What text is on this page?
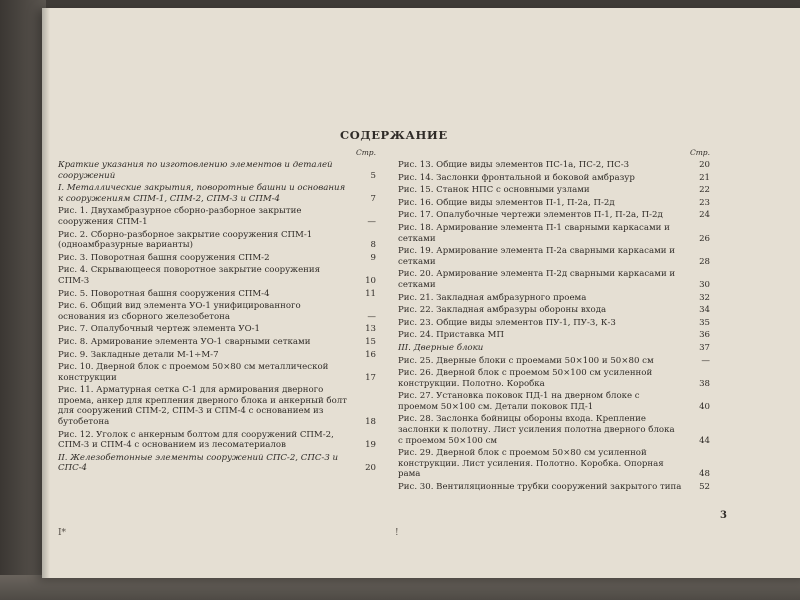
СОДЕРЖАНИЕ
Стр.
Краткие указания по изготовлению элементов и деталей сооружений	5
I. Металлические закрытия, поворотные башни и основания к сооружениям СПМ-1, СПМ-2, СПМ-3 и СПМ-4	7
Рис. 1. Двухамбразурное сборно-разборное закрытие сооружения СПМ-1	—
Рис. 2. Сборно-разборное закрытие сооружения СПМ-1 (однoамбразурные варианты)	8
Рис. 3. Поворотная башня сооружения СПМ-2	9
Рис. 4. Скрывающееся поворотное закрытие сооружения СПМ-3	10
Рис. 5. Поворотная башня сооружения СПМ-4	11
Рис. 6. Общий вид элемента УО-1 унифицированного основания из сборного железобетона	—
Рис. 7. Опалубочный чертеж элемента УО-1	13
Рис. 8. Армирование элемента УО-1 сварными сетками	15
Рис. 9. Закладные детали М-1÷М-7	16
Рис. 10. Дверной блок с проемом 50×80 см металлической конструкции	17
Рис. 11. Арматурная сетка С-1 для армирования дверного проема, анкер для крепления дверного блока и анкерный болт для сооружений СПМ-2, СПМ-3 и СПМ-4 с основанием из бутобетона	18
Рис. 12. Уголок с анкерным болтом для сооружений СПМ-2, СПМ-3 и СПМ-4 с основанием из лесоматериалов	19
II. Железобетонные элементы сооружений СПС-2, СПС-3 и СПС-4	20
Стр.
Рис. 13. Общие виды элементов ПС-1а, ПС-2, ПС-3	20
Рис. 14. Заслонки фронтальной и боковой амбразур	21
Рис. 15. Станок НПС с основными узлами	22
Рис. 16. Общие виды элементов П-1, П-2а, П-2д	23
Рис. 17. Опалубочные чертежи элементов П-1, П-2а, П-2д	24
Рис. 18. Армирование элемента П-1 сварными каркасами и сетками	26
Рис. 19. Армирование элемента П-2а сварными каркасами и сетками	28
Рис. 20. Армирование элемента П-2д сварными каркасами и сетками	30
Рис. 21. Закладная амбразурного проема	32
Рис. 22. Закладная амбразуры обороны входа	34
Рис. 23. Общие виды элементов ПУ-1, ПУ-3, К-3	35
Рис. 24. Приставка МП	36
III. Дверные блоки	37
Рис. 25. Дверные блоки с проемами 50×100 и 50×80 см	—
Рис. 26. Дверной блок с проемом 50×100 см усиленной конструкции. Полотно. Коробка	38
Рис. 27. Установка поковок ПД-1 на дверном блоке с проемом 50×100 см. Детали поковок ПД-1	40
Рис. 28. Заслонка бойницы обороны входа. Крепление заслонки к полотну. Лист усиления полотна дверного блока с проемом 50×100 см	44
Рис. 29. Дверной блок с проемом 50×80 см усиленной конструкции. Лист усиления. Полотно. Коробка. Опорная рама	48
Рис. 30. Вентиляционные трубки сооружений закрытого типа	52
I*	!
3
